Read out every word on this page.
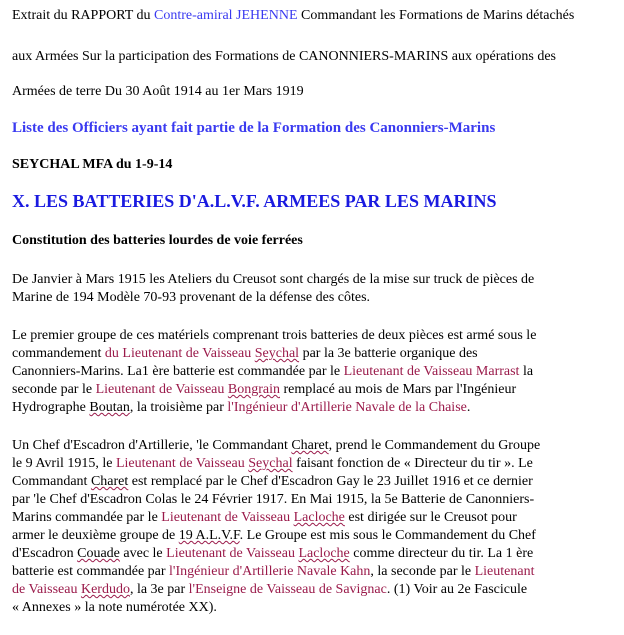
Extrait du RAPPORT du Contre-amiral JEHENNE Commandant les Formations de Marins détachés
aux Armées Sur la participation des Formations de CANONNIERS-MARINS aux opérations des
Armées de terre Du 30 Août 1914 au 1er Mars 1919
Liste des Officiers ayant fait partie de la Formation des Canonniers-Marins
SEYCHAL MFA du 1-9-14
X. LES BATTERIES D'A.L.V.F. ARMEES PAR LES MARINS
Constitution des batteries lourdes de voie ferrées
De Janvier à Mars 1915 les Ateliers du Creusot sont chargés de la mise sur truck de pièces de
Marine de 194 Modèle 70-93 provenant de la défense des côtes.
Le premier groupe de ces matériels comprenant trois batteries de deux pièces est armé sous le
commandement du Lieutenant de Vaisseau Seychal par la 3e batterie organique des
Canonniers-Marins. La1 ère batterie est commandée par le Lieutenant de Vaisseau Marrast la
seconde par le Lieutenant de Vaisseau Bongrain remplacé au mois de Mars par l'Ingénieur
Hydrographe Boutan, la troisième par l'Ingénieur d'Artillerie Navale de la Chaise.
Un Chef d'Escadron d'Artillerie, 'le Commandant Charet, prend le Commandement du Groupe
le 9 Avril 1915, le Lieutenant de Vaisseau Seychal faisant fonction de « Directeur du tir ». Le
Commandant Charet est remplacé par le Chef d'Escadron Gay le 23 Juillet 1916 et ce dernier
par 'le Chef d'Escadron Colas le 24 Février 1917. En Mai 1915, la 5e Batterie de Canonniers-
Marins commandée par le Lieutenant de Vaisseau Lacloche est dirigée sur le Creusot pour
armer le deuxième groupe de 19 A.L.V.F. Le Groupe est mis sous le Commandement du Chef
d'Escadron Couade avec le Lieutenant de Vaisseau Lacloche comme directeur du tir. La 1 ère
batterie est commandée par l'Ingénieur d'Artillerie Navale Kahn, la seconde par le Lieutenant
de Vaisseau Kerdudo, la 3e par l'Enseigne de Vaisseau de Savignac. (1) Voir au 2e Fascicule
« Annexes » la note numérotée XX).
